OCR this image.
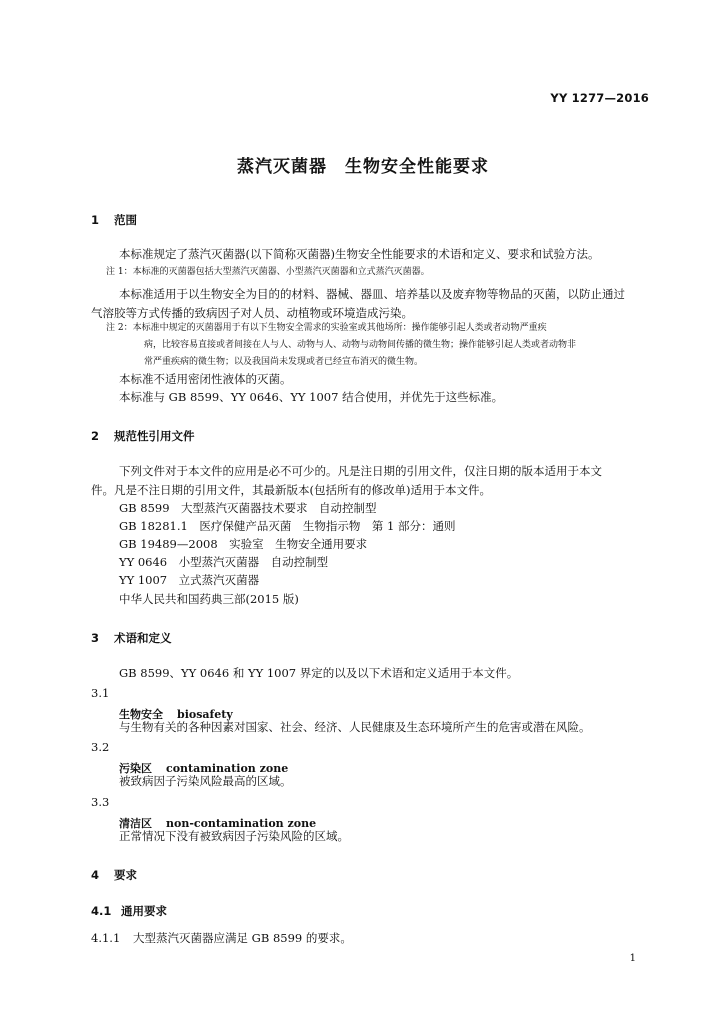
YY 1277—2016
蒸汽灭菌器　生物安全性能要求
1 范围
本标准规定了蒸汽灭菌器(以下简称灭菌器)生物安全性能要求的术语和定义、要求和试验方法。
注 1：本标准的灭菌器包括大型蒸汽灭菌器、小型蒸汽灭菌器和立式蒸汽灭菌器。
本标准适用于以生物安全为目的的材料、器械、器皿、培养基以及废弃物等物品的灭菌，以防止通过
气溶胶等方式传播的致病因子对人员、动植物或环境造成污染。
注 2：本标准中规定的灭菌器用于有以下生物安全需求的实验室或其他场所：操作能够引起人类或者动物严重疾
病，比较容易直接或者间接在人与人、动物与人、动物与动物间传播的微生物；操作能够引起人类或者动物非
常严重疾病的微生物；以及我国尚未发现或者已经宣布消灭的微生物。
本标准不适用密闭性液体的灭菌。
本标准与 GB 8599、YY 0646、YY 1007 结合使用，并优先于这些标准。
2 规范性引用文件
下列文件对于本文件的应用是必不可少的。凡是注日期的引用文件，仅注日期的版本适用于本文
件。凡是不注日期的引用文件，其最新版本(包括所有的修改单)适用于本文件。
GB 8599　大型蒸汽灭菌器技术要求　自动控制型
GB 18281.1　医疗保健产品灭菌　生物指示物　第 1 部分：通则
GB 19489—2008　实验室　生物安全通用要求
YY 0646　小型蒸汽灭菌器　自动控制型
YY 1007　立式蒸汽灭菌器
中华人民共和国药典三部(2015 版)
3 术语和定义
GB 8599、YY 0646 和 YY 1007 界定的以及以下术语和定义适用于本文件。
3.1
生物安全 biosafety
与生物有关的各种因素对国家、社会、经济、人民健康及生态环境所产生的危害或潜在风险。
3.2
污染区 contamination zone
被致病因子污染风险最高的区域。
3.3
清洁区 non-contamination zone
正常情况下没有被致病因子污染风险的区域。
4 要求
4.1 通用要求
4.1.1 大型蒸汽灭菌器应满足 GB 8599 的要求。
1
